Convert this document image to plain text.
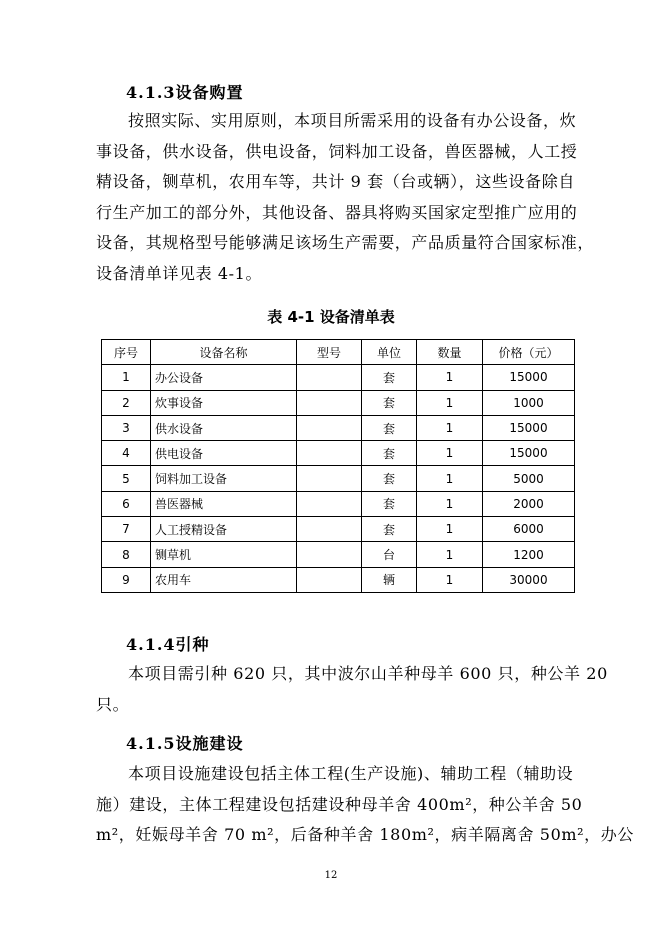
4.1.3设备购置
按照实际、实用原则，本项目所需采用的设备有办公设备，炊
事设备，供水设备，供电设备，饲料加工设备，兽医器械，人工授
精设备，铡草机，农用车等，共计 9 套（台或辆），这些设备除自
行生产加工的部分外，其他设备、器具将购买国家定型推广应用的
设备，其规格型号能够满足该场生产需要，产品质量符合国家标准，
设备清单详见表 4-1。
表 4-1 设备清单表
序号	设备名称	型号	单位	数量	价格（元）
1	办公设备		套	1	15000
2	炊事设备		套	1	1000
3	供水设备		套	1	15000
4	供电设备		套	1	15000
5	饲料加工设备		套	1	5000
6	兽医器械		套	1	2000
7	人工授精设备		套	1	6000
8	铡草机		台	1	1200
9	农用车		辆	1	30000
4.1.4引种
本项目需引种 620 只，其中波尔山羊种母羊 600 只，种公羊 20
只。
4.1.5设施建设
本项目设施建设包括主体工程(生产设施)、辅助工程（辅助设
施）建设，主体工程建设包括建设种母羊舍 400m²，种公羊舍 50
m²，妊娠母羊舍 70 m²，后备种羊舍 180m²，病羊隔离舍 50m²，办公
12
